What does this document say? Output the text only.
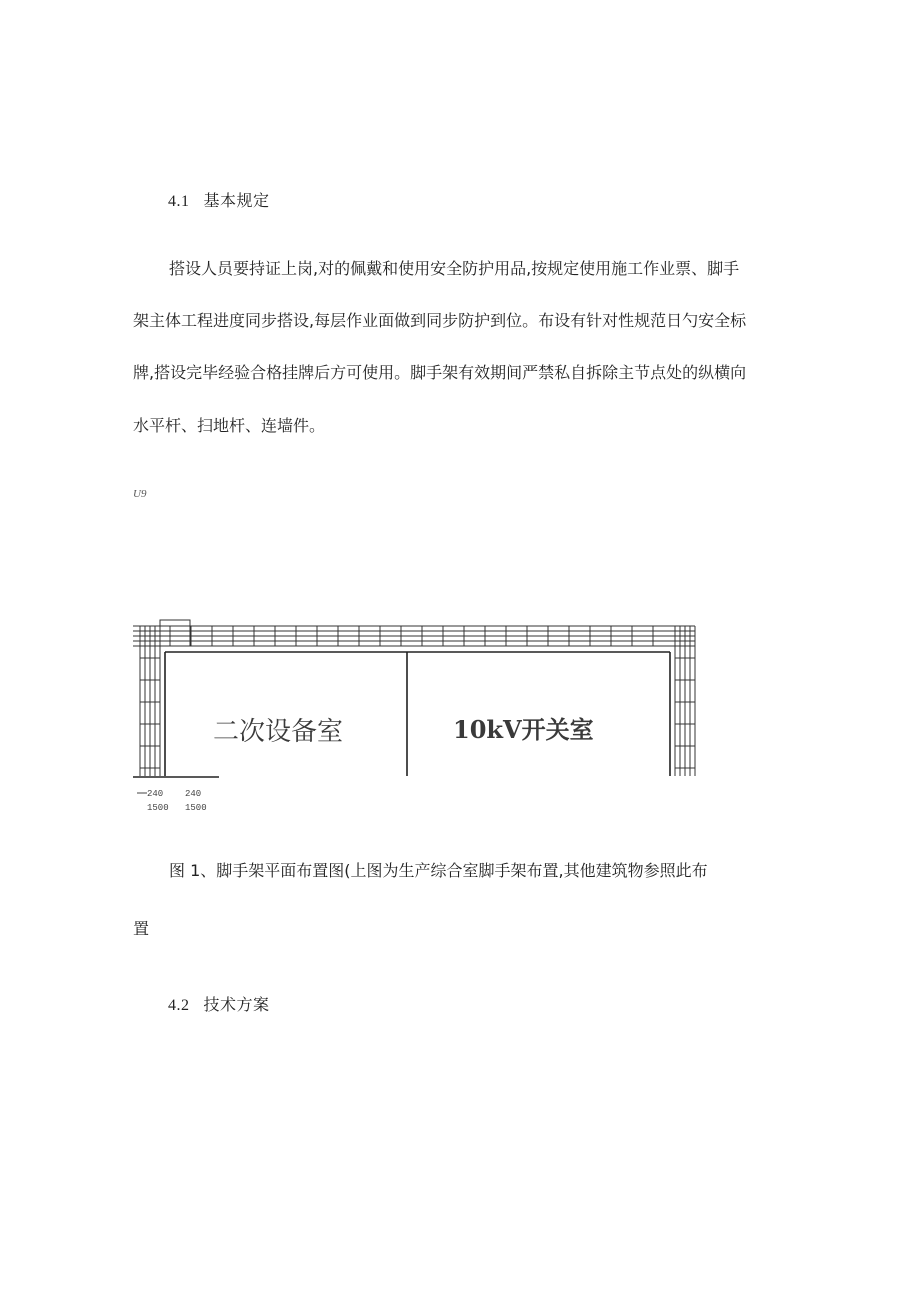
4.1 基本规定
搭设人员要持证上岗,对的佩戴和使用安全防护用品,按规定使用施工作业票、脚手
架主体工程进度同步搭设,每层作业面做到同步防护到位。布设有针对性规范日勺安全标
牌,搭设完毕经验合格挂牌后方可使用。脚手架有效期间严禁私自拆除主节点处的纵横向
水平杆、扫地杆、连墙件。
U9
二次设备室	10kV开关室
240 240
1500 1500
图 1、脚手架平面布置图(上图为生产综合室脚手架布置,其他建筑物参照此布
置
4.2 技术方案
